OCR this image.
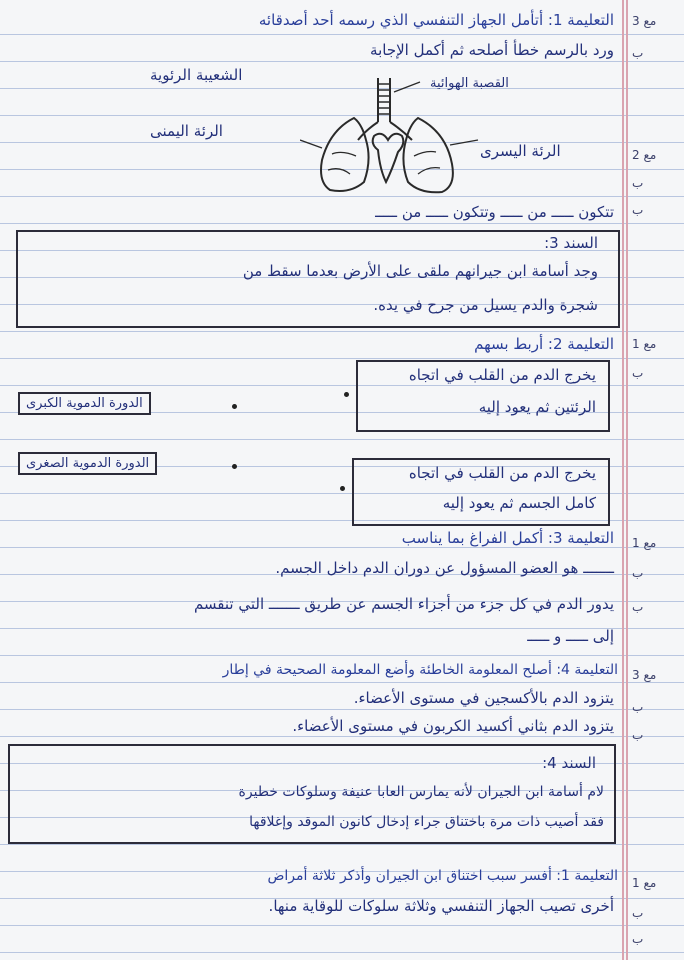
مع 3
ب
مع 2
ب
ب
مع 1
ب
مع 1
ب
ب
مع 3
ب
ب
مع 1
ب
ب
التعليمة 1: أتأمل الجهاز التنفسي الذي رسمه أحد أصدقائه
ورد بالرسم خطأ أصلحه ثم أكمل الإجابة
الشعيبة الرئوية	القصبة الهوائية
الرئة اليمنى
الرئة اليسرى
تتكون ـــــ من ـــــ وتتكون ـــــ من ـــــ
السند 3:
وجد أسامة ابن جيرانهم ملقى على الأرض بعدما سقط من
شجرة والدم يسيل من جرح في يده.
التعليمة 2: أربط بسهم
يخرج الدم من القلب في اتجاه
الرئتين ثم يعود إليه
الدورة الدموية الكبرى
الدورة الدموية الصغرى
يخرج الدم من القلب في اتجاه
كامل الجسم ثم يعود إليه
التعليمة 3: أكمل الفراغ بما يناسب
ـــــــ هو العضو المسؤول عن دوران الدم داخل الجسم.
يدور الدم في كل جزء من أجزاء الجسم عن طريق ـــــــ التي تنقسم
إلى ـــــ و ـــــ
التعليمة 4: أصلح المعلومة الخاطئة وأضع المعلومة الصحيحة في إطار
يتزود الدم بالأكسجين في مستوى الأعضاء.
يتزود الدم بثاني أكسيد الكربون في مستوى الأعضاء.
السند 4:
لام أسامة ابن الجيران لأنه يمارس العابا عنيفة وسلوكات خطيرة
فقد أصيب ذات مرة باختناق جراء إدخال كانون الموقد وإغلاقها
التعليمة 1: أفسر سبب اختناق ابن الجيران وأذكر ثلاثة أمراض
أخرى تصيب الجهاز التنفسي وثلاثة سلوكات للوقاية منها.
